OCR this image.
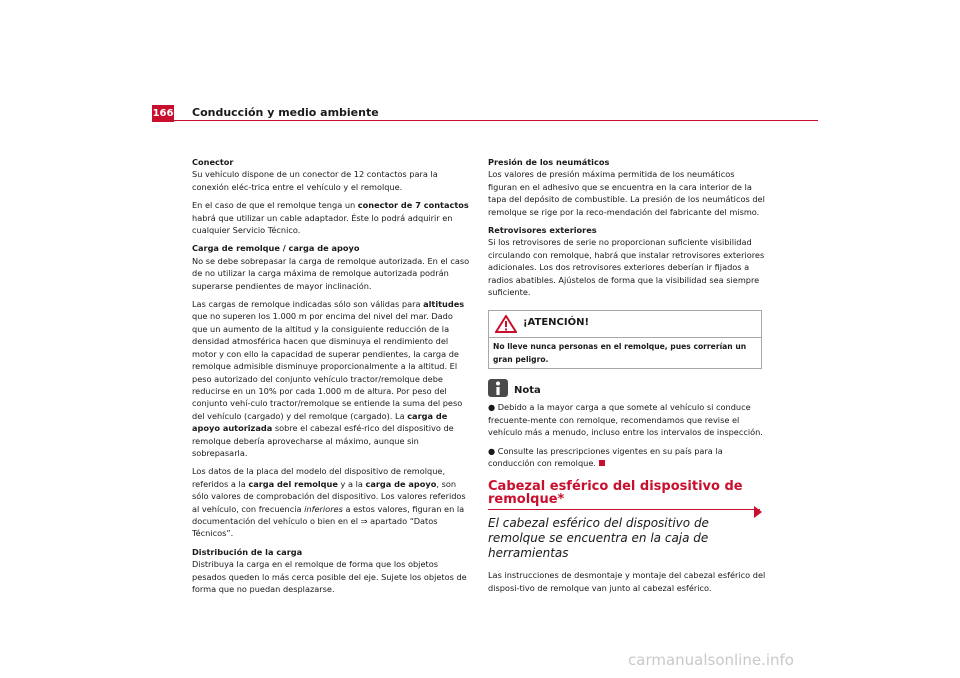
166 Conducción y medio ambiente

Conector
Su vehículo dispone de un conector de 12 contactos para la conexión eléc-trica entre el vehículo y el remolque.

En el caso de que el remolque tenga un conector de 7 contactos habrá que utilizar un cable adaptador. Éste lo podrá adquirir en cualquier Servicio Técnico.

Carga de remolque / carga de apoyo
No se debe sobrepasar la carga de remolque autorizada. En el caso de no utilizar la carga máxima de remolque autorizada podrán superarse pendientes de mayor inclinación.

Las cargas de remolque indicadas sólo son válidas para altitudes que no superen los 1.000 m por encima del nivel del mar. Dado que un aumento de la altitud y la consiguiente reducción de la densidad atmosférica hacen que disminuya el rendimiento del motor y con ello la capacidad de superar pendientes, la carga de remolque admisible disminuye proporcionalmente a la altitud. El peso autorizado del conjunto vehículo tractor/remolque debe reducirse en un 10% por cada 1.000 m de altura. Por peso del conjunto vehí-culo tractor/remolque se entiende la suma del peso del vehículo (cargado) y del remolque (cargado). La carga de apoyo autorizada sobre el cabezal esfé-rico del dispositivo de remolque debería aprovecharse al máximo, aunque sin sobrepasarla.

Los datos de la placa del modelo del dispositivo de remolque, referidos a la carga del remolque y a la carga de apoyo, son sólo valores de comprobación del dispositivo. Los valores referidos al vehículo, con frecuencia inferiores a estos valores, figuran en la documentación del vehículo o bien en el ⇒ apartado “Datos Técnicos”.

Distribución de la carga
Distribuya la carga en el remolque de forma que los objetos pesados queden lo más cerca posible del eje. Sujete los objetos de forma que no puedan desplazarse.

Presión de los neumáticos
Los valores de presión máxima permitida de los neumáticos figuran en el adhesivo que se encuentra en la cara interior de la tapa del depósito de combustible. La presión de los neumáticos del remolque se rige por la reco-mendación del fabricante del mismo.

Retrovisores exteriores
Si los retrovisores de serie no proporcionan suficiente visibilidad circulando con remolque, habrá que instalar retrovisores exteriores adicionales. Los dos retrovisores exteriores deberían ir fijados a radios abatibles. Ajústelos de forma que la visibilidad sea siempre suficiente.

¡ATENCIÓN!
No lleve nunca personas en el remolque, pues correrían un gran peligro.
Nota

● Debido a la mayor carga a que somete al vehículo si conduce frecuente-mente con remolque, recomendamos que revise el vehículo más a menudo, incluso entre los intervalos de inspección.

● Consulte las prescripciones vigentes en su país para la conducción con remolque.

Cabezal esférico del dispositivo de remolque*
El cabezal esférico del dispositivo de remolque se encuentra en la caja de herramientas

Las instrucciones de desmontaje y montaje del cabezal esférico del disposi-tivo de remolque van junto al cabezal esférico.

carmanualsonline.info
